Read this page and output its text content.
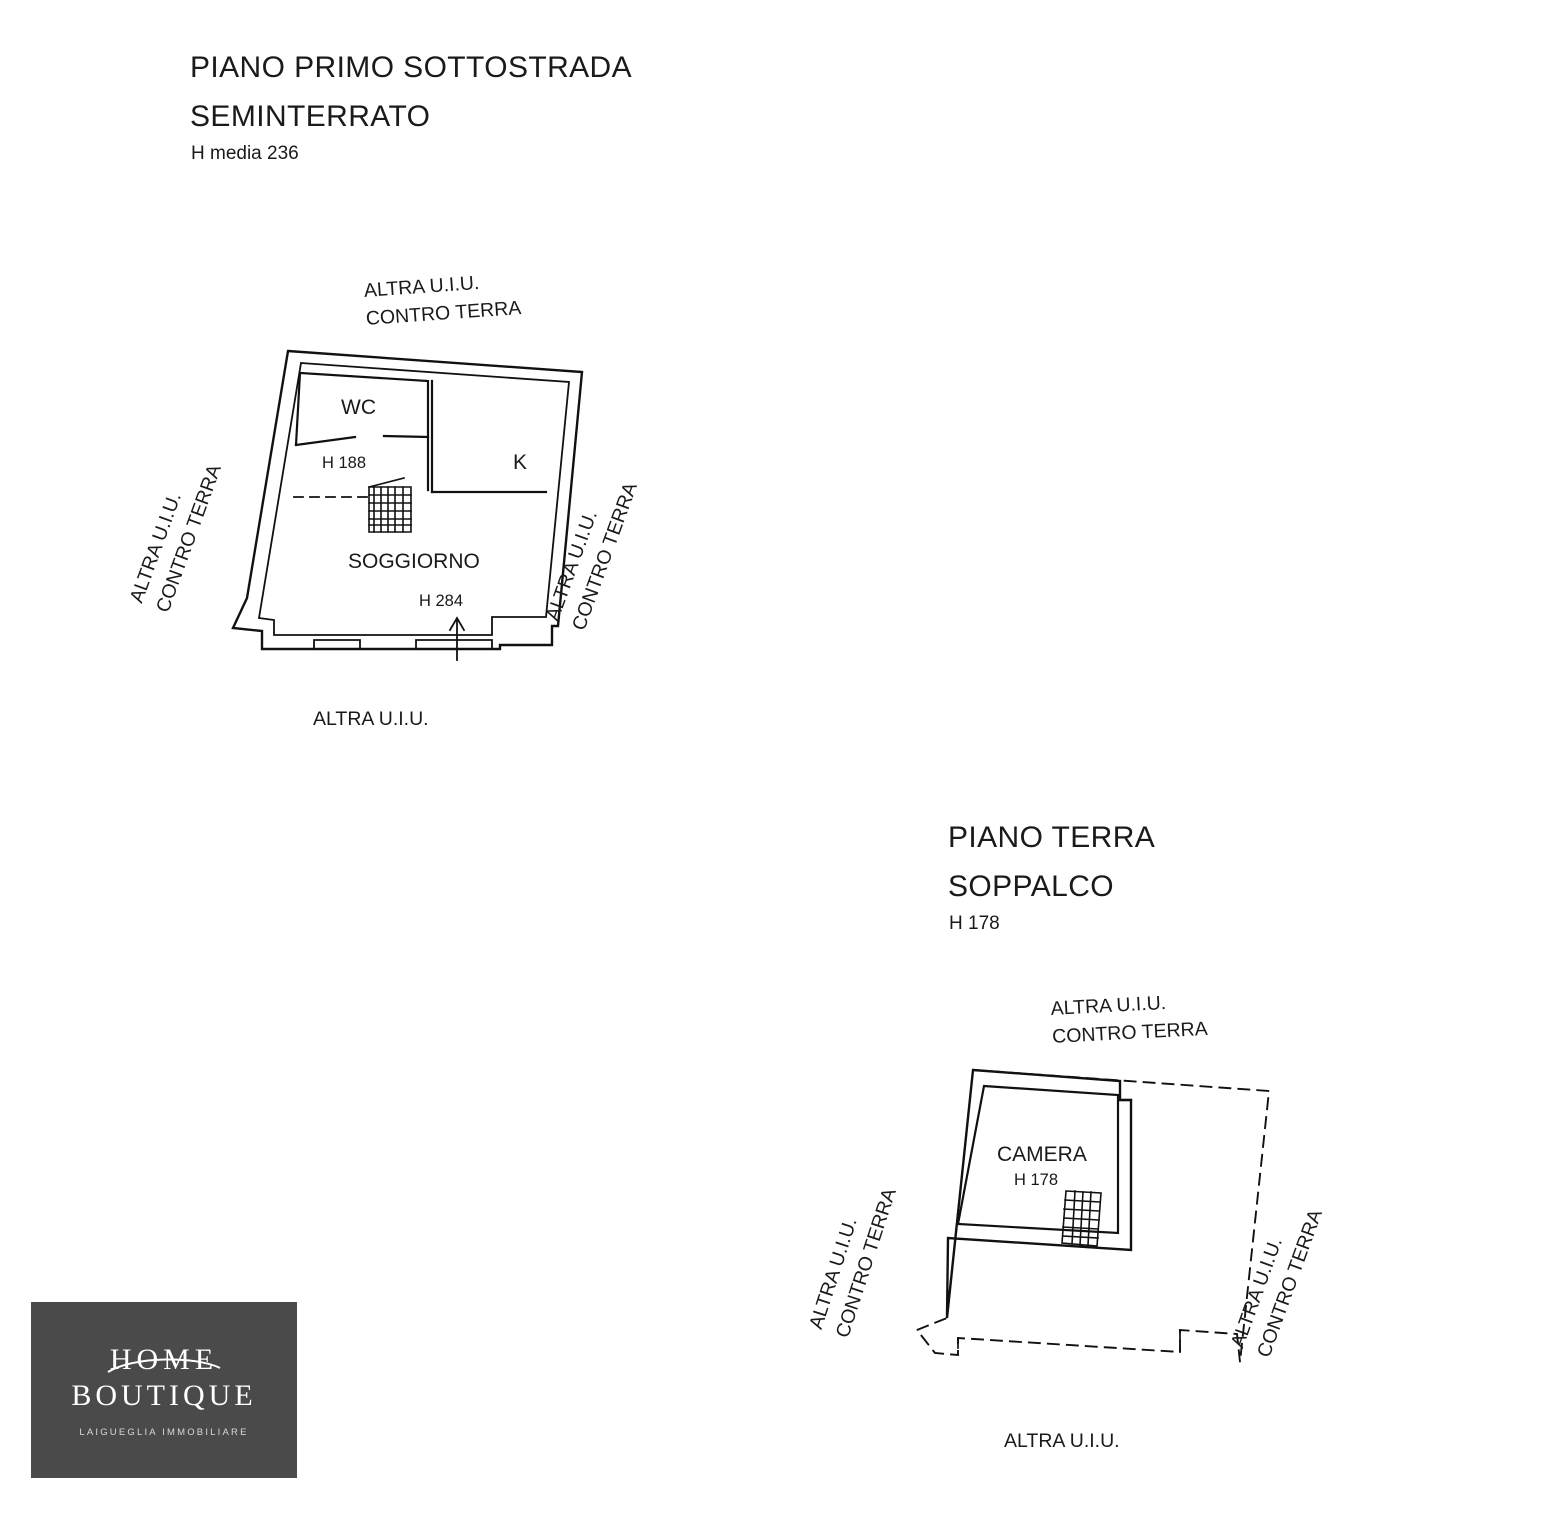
PIANO PRIMO SOTTOSTRADA
SEMINTERRATO
H media 236
ALTRA U.I.U.
CONTRO TERRA
ALTRA U.I.U.
CONTRO TERRA	ALTRA U.I.U.
CONTRO TERRA
ALTRA U.I.U.
WC
H 188	K
SOGGIORNO
H 284
PIANO TERRA
SOPPALCO
H 178
ALTRA U.I.U.
CONTRO TERRA
ALTRA U.I.U.
CONTRO TERRA	ALTRA U.I.U.
CONTRO TERRA
ALTRA U.I.U.
CAMERA
H 178
HOME
BOUTIQUE
LAIGUEGLIA IMMOBILIARE
